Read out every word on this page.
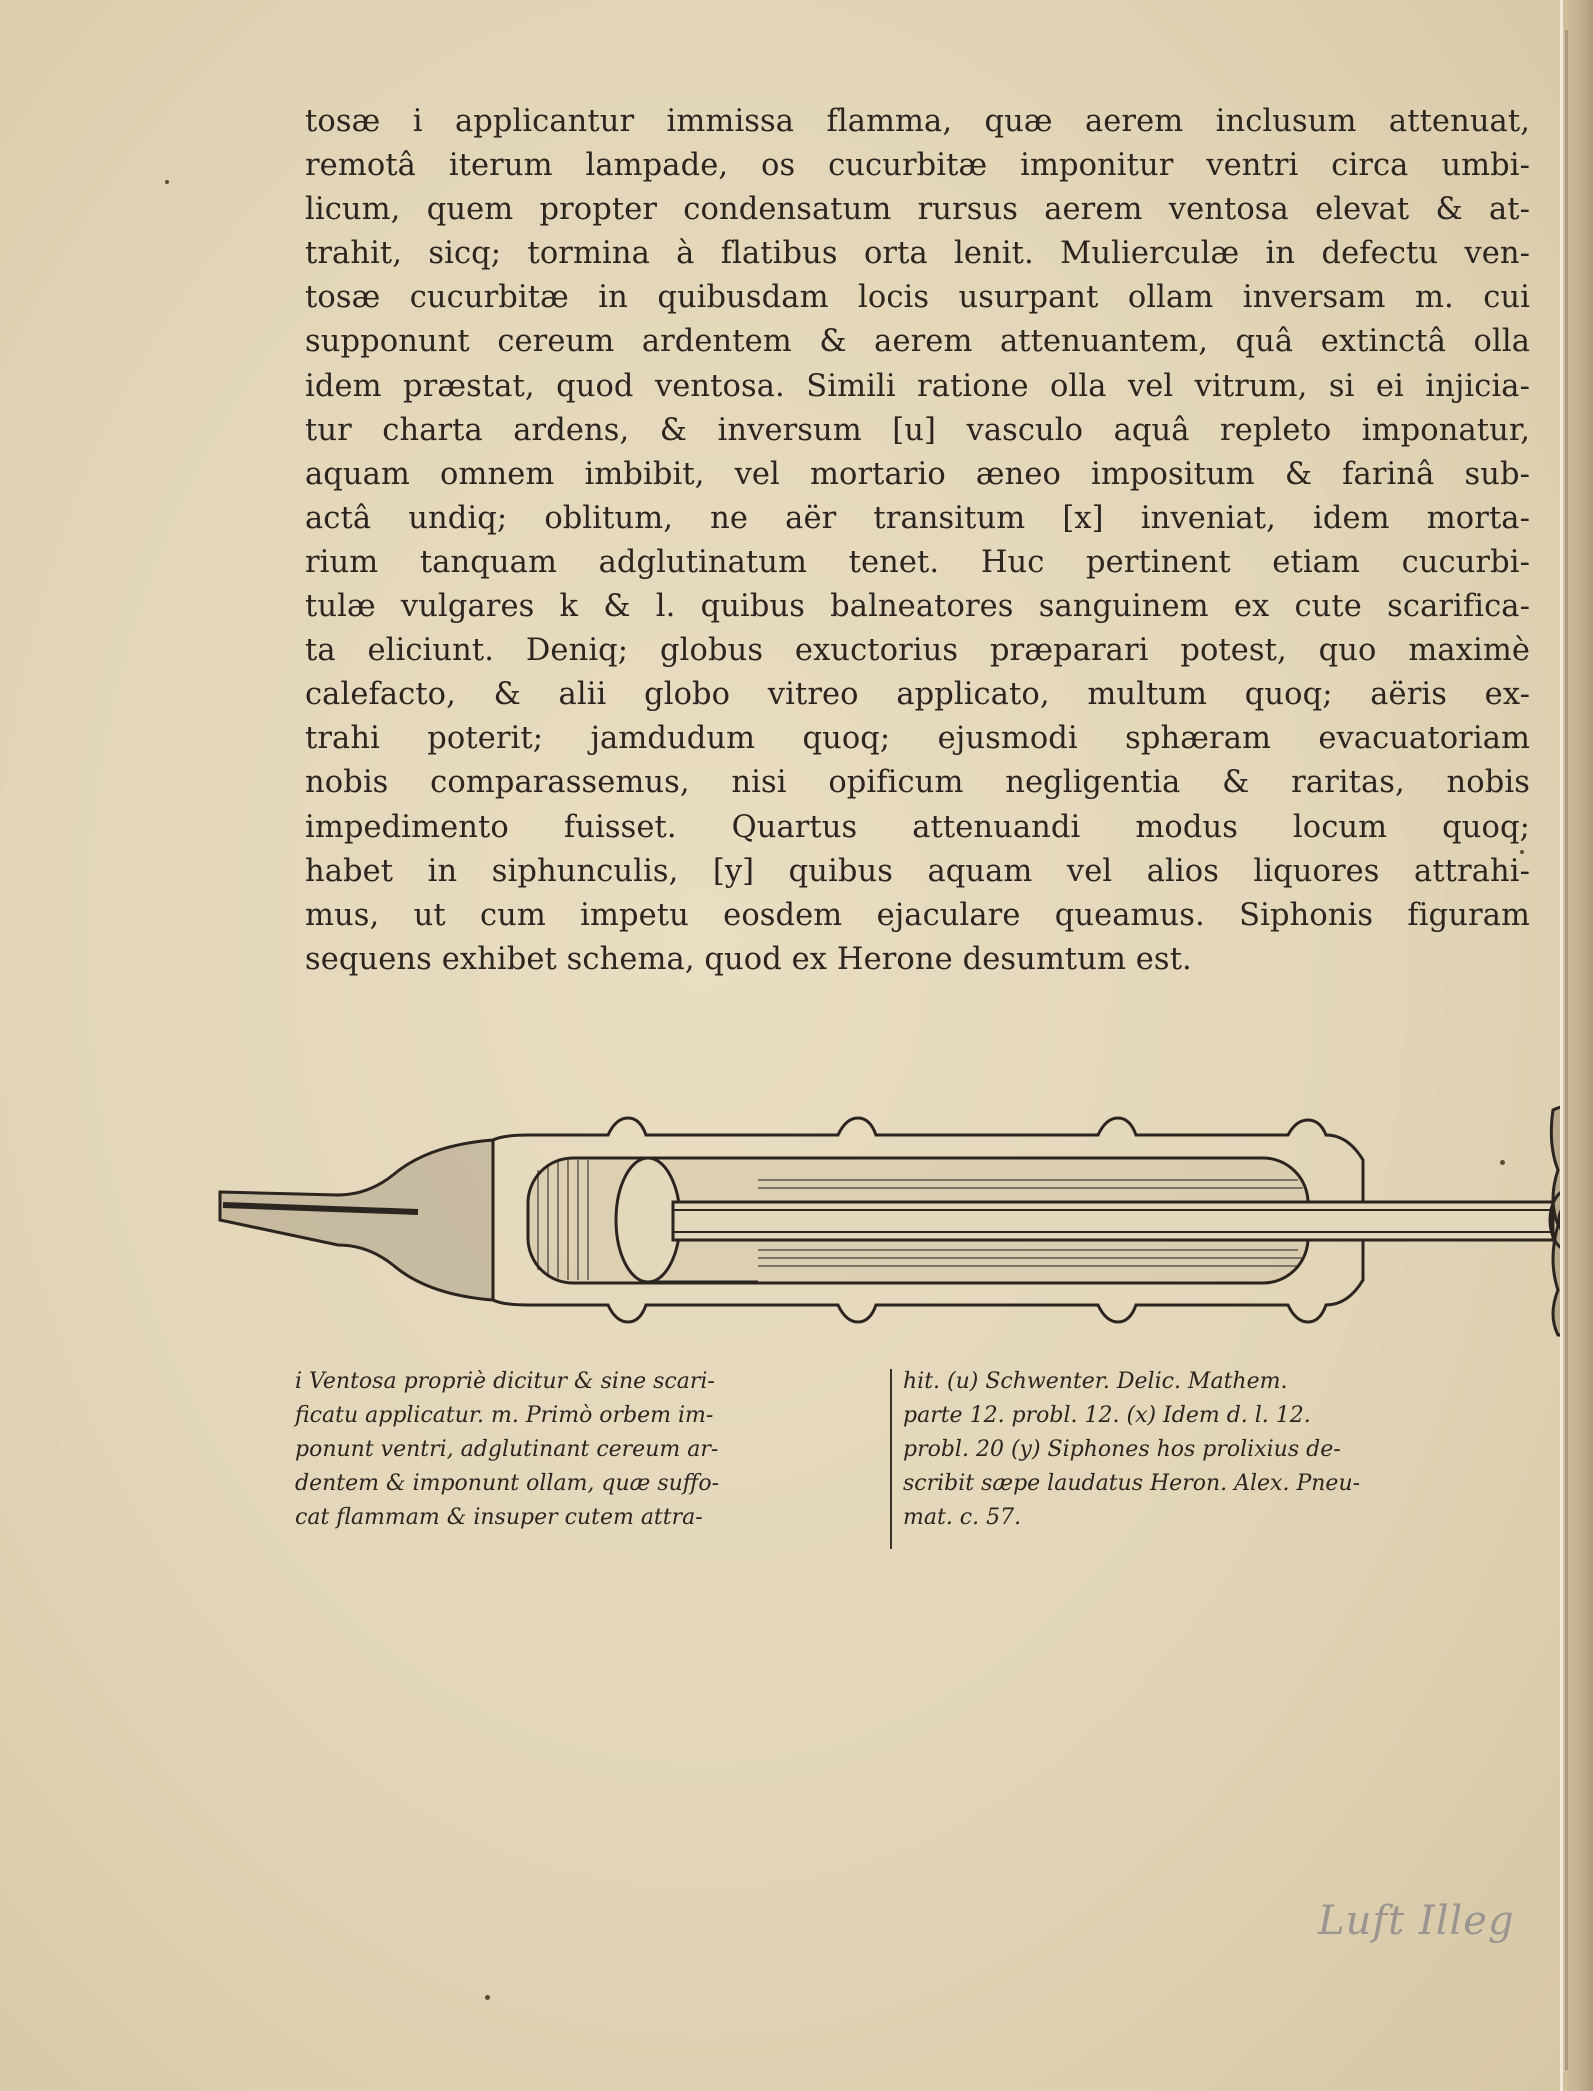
tosæ i applicantur immissa flamma, quæ aerem inclusum attenuat,
remotâ iterum lampade, os cucurbitæ imponitur ventri circa umbi-
licum, quem propter condensatum rursus aerem ventosa elevat & at-
trahit, sicq; tormina à flatibus orta lenit. Mulierculæ in defectu ven-
tosæ cucurbitæ in quibusdam locis usurpant ollam inversam m. cui
supponunt cereum ardentem & aerem attenuantem, quâ extinctâ olla
idem præstat, quod ventosa. Simili ratione olla vel vitrum, si ei injicia-
tur charta ardens, & inversum [u] vasculo aquâ repleto imponatur,
aquam omnem imbibit, vel mortario æneo impositum & farinâ sub-
actâ undiq; oblitum, ne aër transitum [x] inveniat, idem morta-
rium tanquam adglutinatum tenet. Huc pertinent etiam cucurbi-
tulæ vulgares k & l. quibus balneatores sanguinem ex cute scarifica-
ta eliciunt. Deniq; globus exuctorius præparari potest, quo maximè
calefacto, & alii globo vitreo applicato, multum quoq; aëris ex-
trahi poterit; jamdudum quoq; ejusmodi sphæram evacuatoriam
nobis comparassemus, nisi opificum negligentia & raritas, nobis
impedimento fuisset. Quartus attenuandi modus locum quoq;
habet in siphunculis, [y] quibus aquam vel alios liquores attrahi-
mus, ut cum impetu eosdem ejaculare queamus. Siphonis figuram
sequens exhibet schema, quod ex Herone desumtum est.
i Ventosa propriè dicitur & sine scari-
ficatu applicatur. m. Primò orbem im-
ponunt ventri, adglutinant cereum ar-
dentem & imponunt ollam, quæ suffo-
cat flammam & insuper cutem attra-
hit. (u) Schwenter. Delic. Mathem.
parte 12. probl. 12. (x) Idem d. l. 12.
probl. 20 (y) Siphones hos prolixius de-
scribit sæpe laudatus Heron. Alex. Pneu-
mat. c. 57.
Luft Illeg
